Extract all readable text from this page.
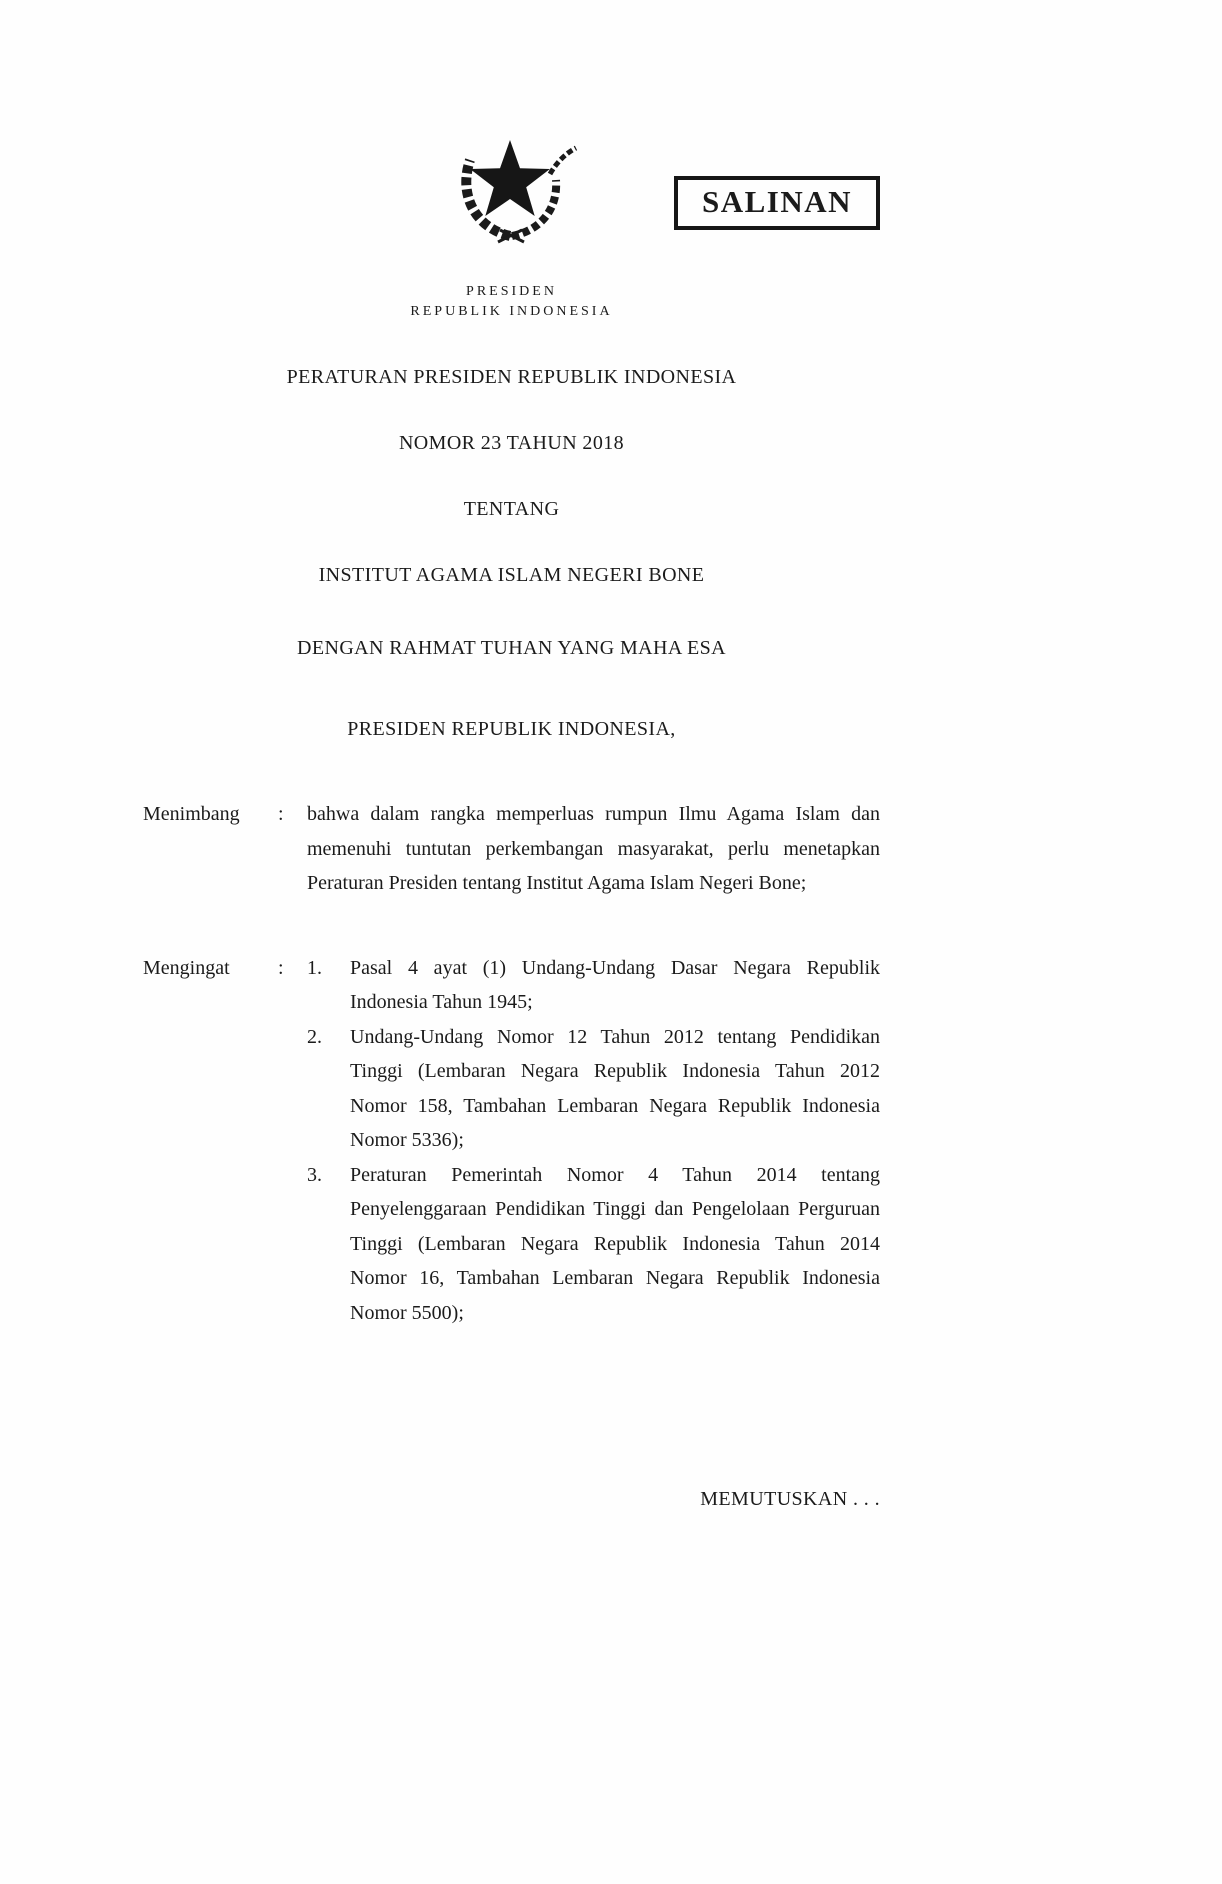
SALINAN
PRESIDEN
REPUBLIK INDONESIA
PERATURAN PRESIDEN REPUBLIK INDONESIA
NOMOR 23 TAHUN 2018
TENTANG
INSTITUT AGAMA ISLAM NEGERI BONE
DENGAN RAHMAT TUHAN YANG MAHA ESA
PRESIDEN REPUBLIK INDONESIA,
Menimbang	:	bahwa dalam rangka memperluas rumpun Ilmu Agama Islam dan memenuhi tuntutan perkembangan masyarakat, perlu menetapkan Peraturan Presiden tentang Institut Agama Islam Negeri Bone;
Mengingat	:	1.	Pasal 4 ayat (1) Undang-Undang Dasar Negara Republik Indonesia Tahun 1945;
2.	Undang-Undang Nomor 12 Tahun 2012 tentang Pendidikan Tinggi (Lembaran Negara Republik Indonesia Tahun 2012 Nomor 158, Tambahan Lembaran Negara Republik Indonesia Nomor 5336);
3.	Peraturan Pemerintah Nomor 4 Tahun 2014 tentang Penyelenggaraan Pendidikan Tinggi dan Pengelolaan Perguruan Tinggi (Lembaran Negara Republik Indonesia Tahun 2014 Nomor 16, Tambahan Lembaran Negara Republik Indonesia Nomor 5500);
MEMUTUSKAN . . .
